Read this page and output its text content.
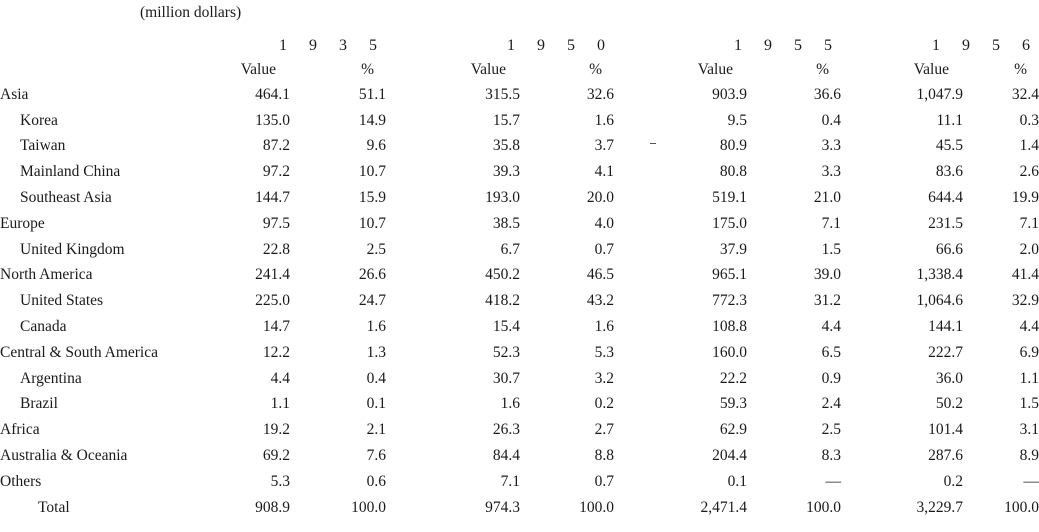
(million dollars)
	1 9 3 5		1 9 5 0		1 9 5 5		1 9 5 6	
	Value	%	Value	%	Value	%	Value	%
Asia	464.1	51.1	315.5	32.6	903.9	36.6	1,047.9	32.4
Korea	135.0	14.9	15.7	1.6	9.5	0.4	11.1	0.3
Taiwan	87.2	9.6	35.8	3.7	80.9	3.3	45.5	1.4
Mainland China	97.2	10.7	39.3	4.1	80.8	3.3	83.6	2.6
Southeast Asia	144.7	15.9	193.0	20.0	519.1	21.0	644.4	19.9
Europe	97.5	10.7	38.5	4.0	175.0	7.1	231.5	7.1
United Kingdom	22.8	2.5	6.7	0.7	37.9	1.5	66.6	2.0
North America	241.4	26.6	450.2	46.5	965.1	39.0	1,338.4	41.4
United States	225.0	24.7	418.2	43.2	772.3	31.2	1,064.6	32.9
Canada	14.7	1.6	15.4	1.6	108.8	4.4	144.1	4.4
Central & South America	12.2	1.3	52.3	5.3	160.0	6.5	222.7	6.9
Argentina	4.4	0.4	30.7	3.2	22.2	0.9	36.0	1.1
Brazil	1.1	0.1	1.6	0.2	59.3	2.4	50.2	1.5
Africa	19.2	2.1	26.3	2.7	62.9	2.5	101.4	3.1
Australia & Oceania	69.2	7.6	84.4	8.8	204.4	8.3	287.6	8.9
Others	5.3	0.6	7.1	0.7	0.1	—	0.2	—
Total	908.9	100.0	974.3	100.0	2,471.4	100.0	3,229.7	100.0
